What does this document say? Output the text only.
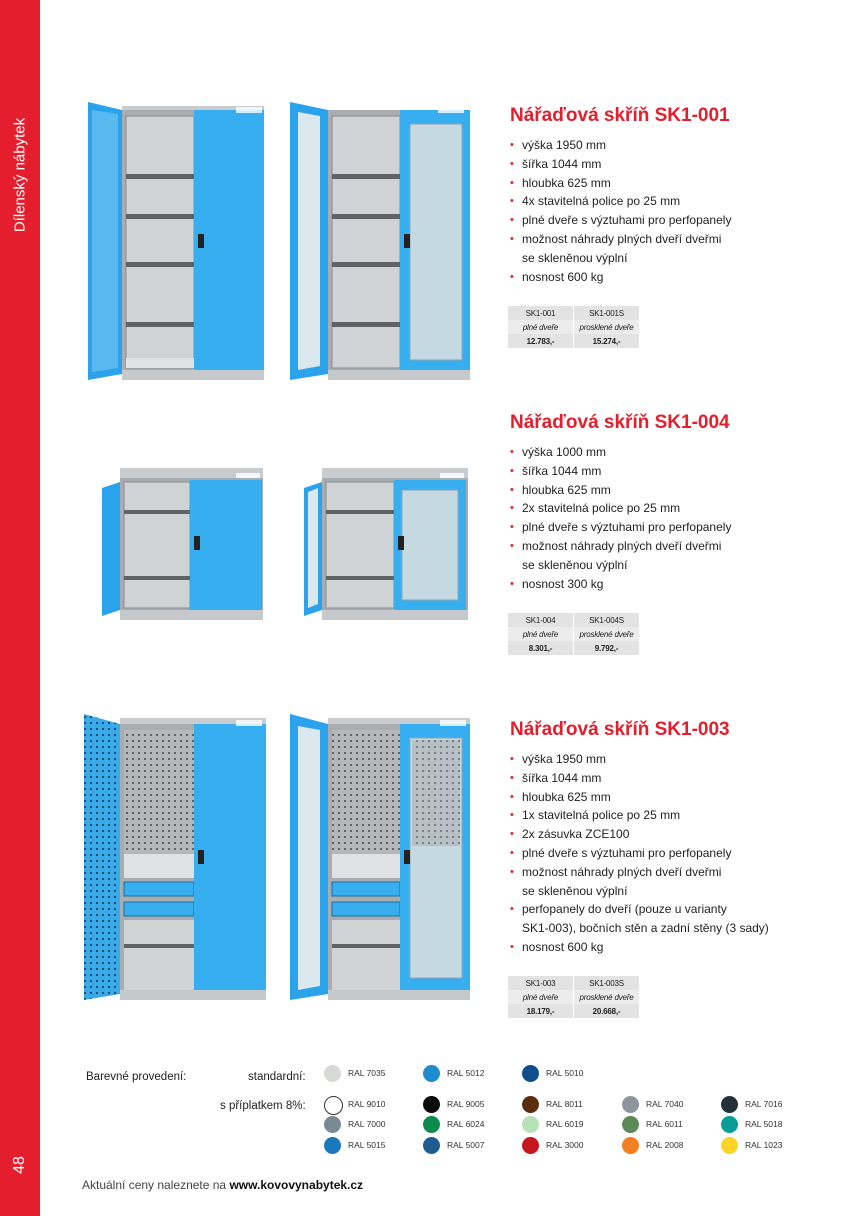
Dílenský nábytek
48
Nářaďová skříň SK1-001
• výška 1950 mm
• šířka 1044 mm
• hloubka 625 mm
• 4x stavitelná police po 25 mm
• plné dveře s výztuhami pro perfopanely
• možnost náhrady plných dveří dveřmi
se skleněnou výplní
• nosnost 600 kg
SK1-001	SK1-001S
plné dveře	prosklené dveře
12.783,-	15.274,-
Nářaďová skříň SK1-004
• výška 1000 mm
• šířka 1044 mm
• hloubka 625 mm
• 2x stavitelná police po 25 mm
• plné dveře s výztuhami pro perfopanely
• možnost náhrady plných dveří dveřmi
se skleněnou výplní
• nosnost 300 kg
SK1-004	SK1-004S
plné dveře	prosklené dveře
8.301,-	9.792,-
Nářaďová skříň SK1-003
• výška 1950 mm
• šířka 1044 mm
• hloubka 625 mm
• 1x stavitelná police po 25 mm
• 2x zásuvka ZCE100
• plné dveře s výztuhami pro perfopanely
• možnost náhrady plných dveří dveřmi
se skleněnou výplní
• perfopanely do dveří (pouze u varianty
SK1-003), bočních stěn a zadní stěny (3 sady)
• nosnost 600 kg
SK1-003	SK1-003S
plné dveře	prosklené dveře
18.179,-	20.668,-
Barevné provedení:	standardní:
s příplatkem 8%:
RAL 7035	RAL 5012	RAL 5010
RAL 9010	RAL 9005	RAL 8011	RAL 7040	RAL 7016
RAL 7000	RAL 6024	RAL 6019	RAL 6011	RAL 5018
RAL 5015	RAL 5007	RAL 3000	RAL 2008	RAL 1023
Aktuální ceny naleznete na www.kovovynabytek.cz
